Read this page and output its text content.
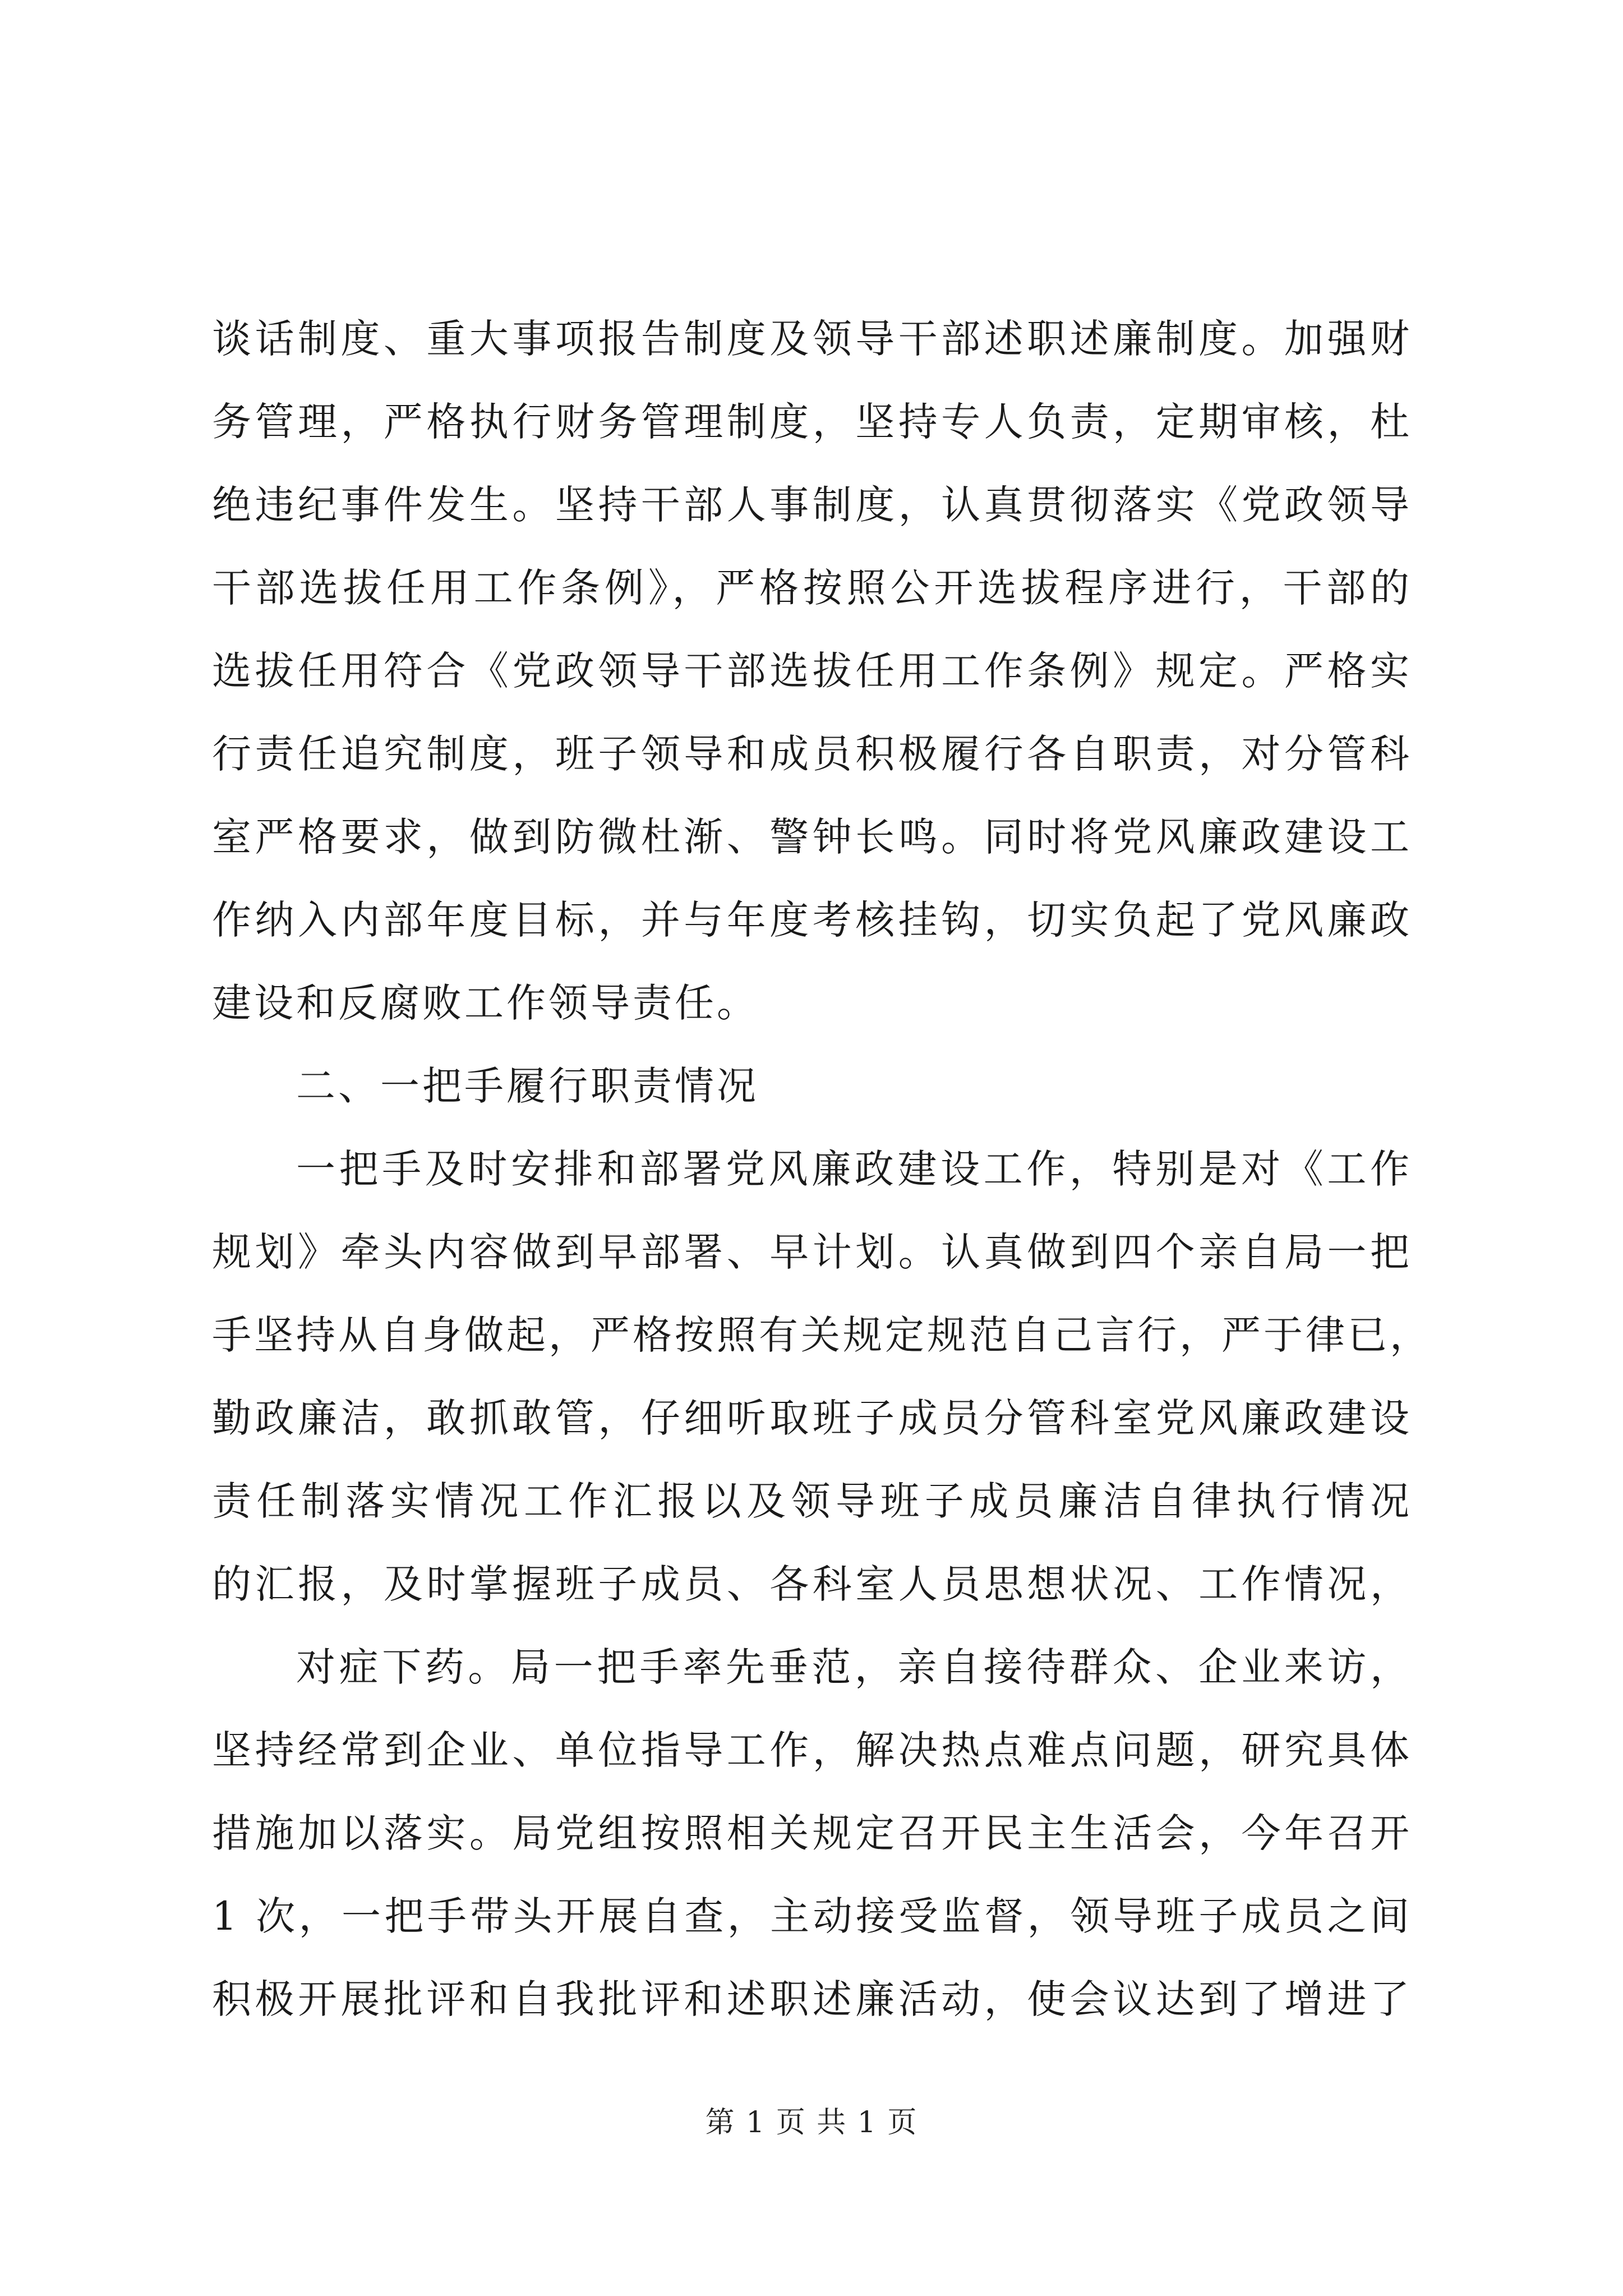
谈话制度、重大事项报告制度及领导干部述职述廉制度。加强财
务管理，严格执行财务管理制度，坚持专人负责，定期审核，杜
绝违纪事件发生。坚持干部人事制度，认真贯彻落实《党政领导
干部选拔任用工作条例》，严格按照公开选拔程序进行，干部的
选拔任用符合《党政领导干部选拔任用工作条例》规定。严格实
行责任追究制度，班子领导和成员积极履行各自职责，对分管科
室严格要求，做到防微杜渐、警钟长鸣。同时将党风廉政建设工
作纳入内部年度目标，并与年度考核挂钩，切实负起了党风廉政
建设和反腐败工作领导责任。
二、一把手履行职责情况
一把手及时安排和部署党风廉政建设工作，特别是对《工作
规划》牵头内容做到早部署、早计划。认真做到四个亲自局一把
手坚持从自身做起，严格按照有关规定规范自己言行，严于律已，
勤政廉洁，敢抓敢管，仔细听取班子成员分管科室党风廉政建设
责任制落实情况工作汇报以及领导班子成员廉洁自律执行情况
的汇报，及时掌握班子成员、各科室人员思想状况、工作情况，
对症下药。局一把手率先垂范，亲自接待群众、企业来访，
坚持经常到企业、单位指导工作，解决热点难点问题，研究具体
措施加以落实。局党组按照相关规定召开民主生活会，今年召开
1 次，一把手带头开展自查，主动接受监督，领导班子成员之间
积极开展批评和自我批评和述职述廉活动，使会议达到了增进了
第 1 页 共 1 页
